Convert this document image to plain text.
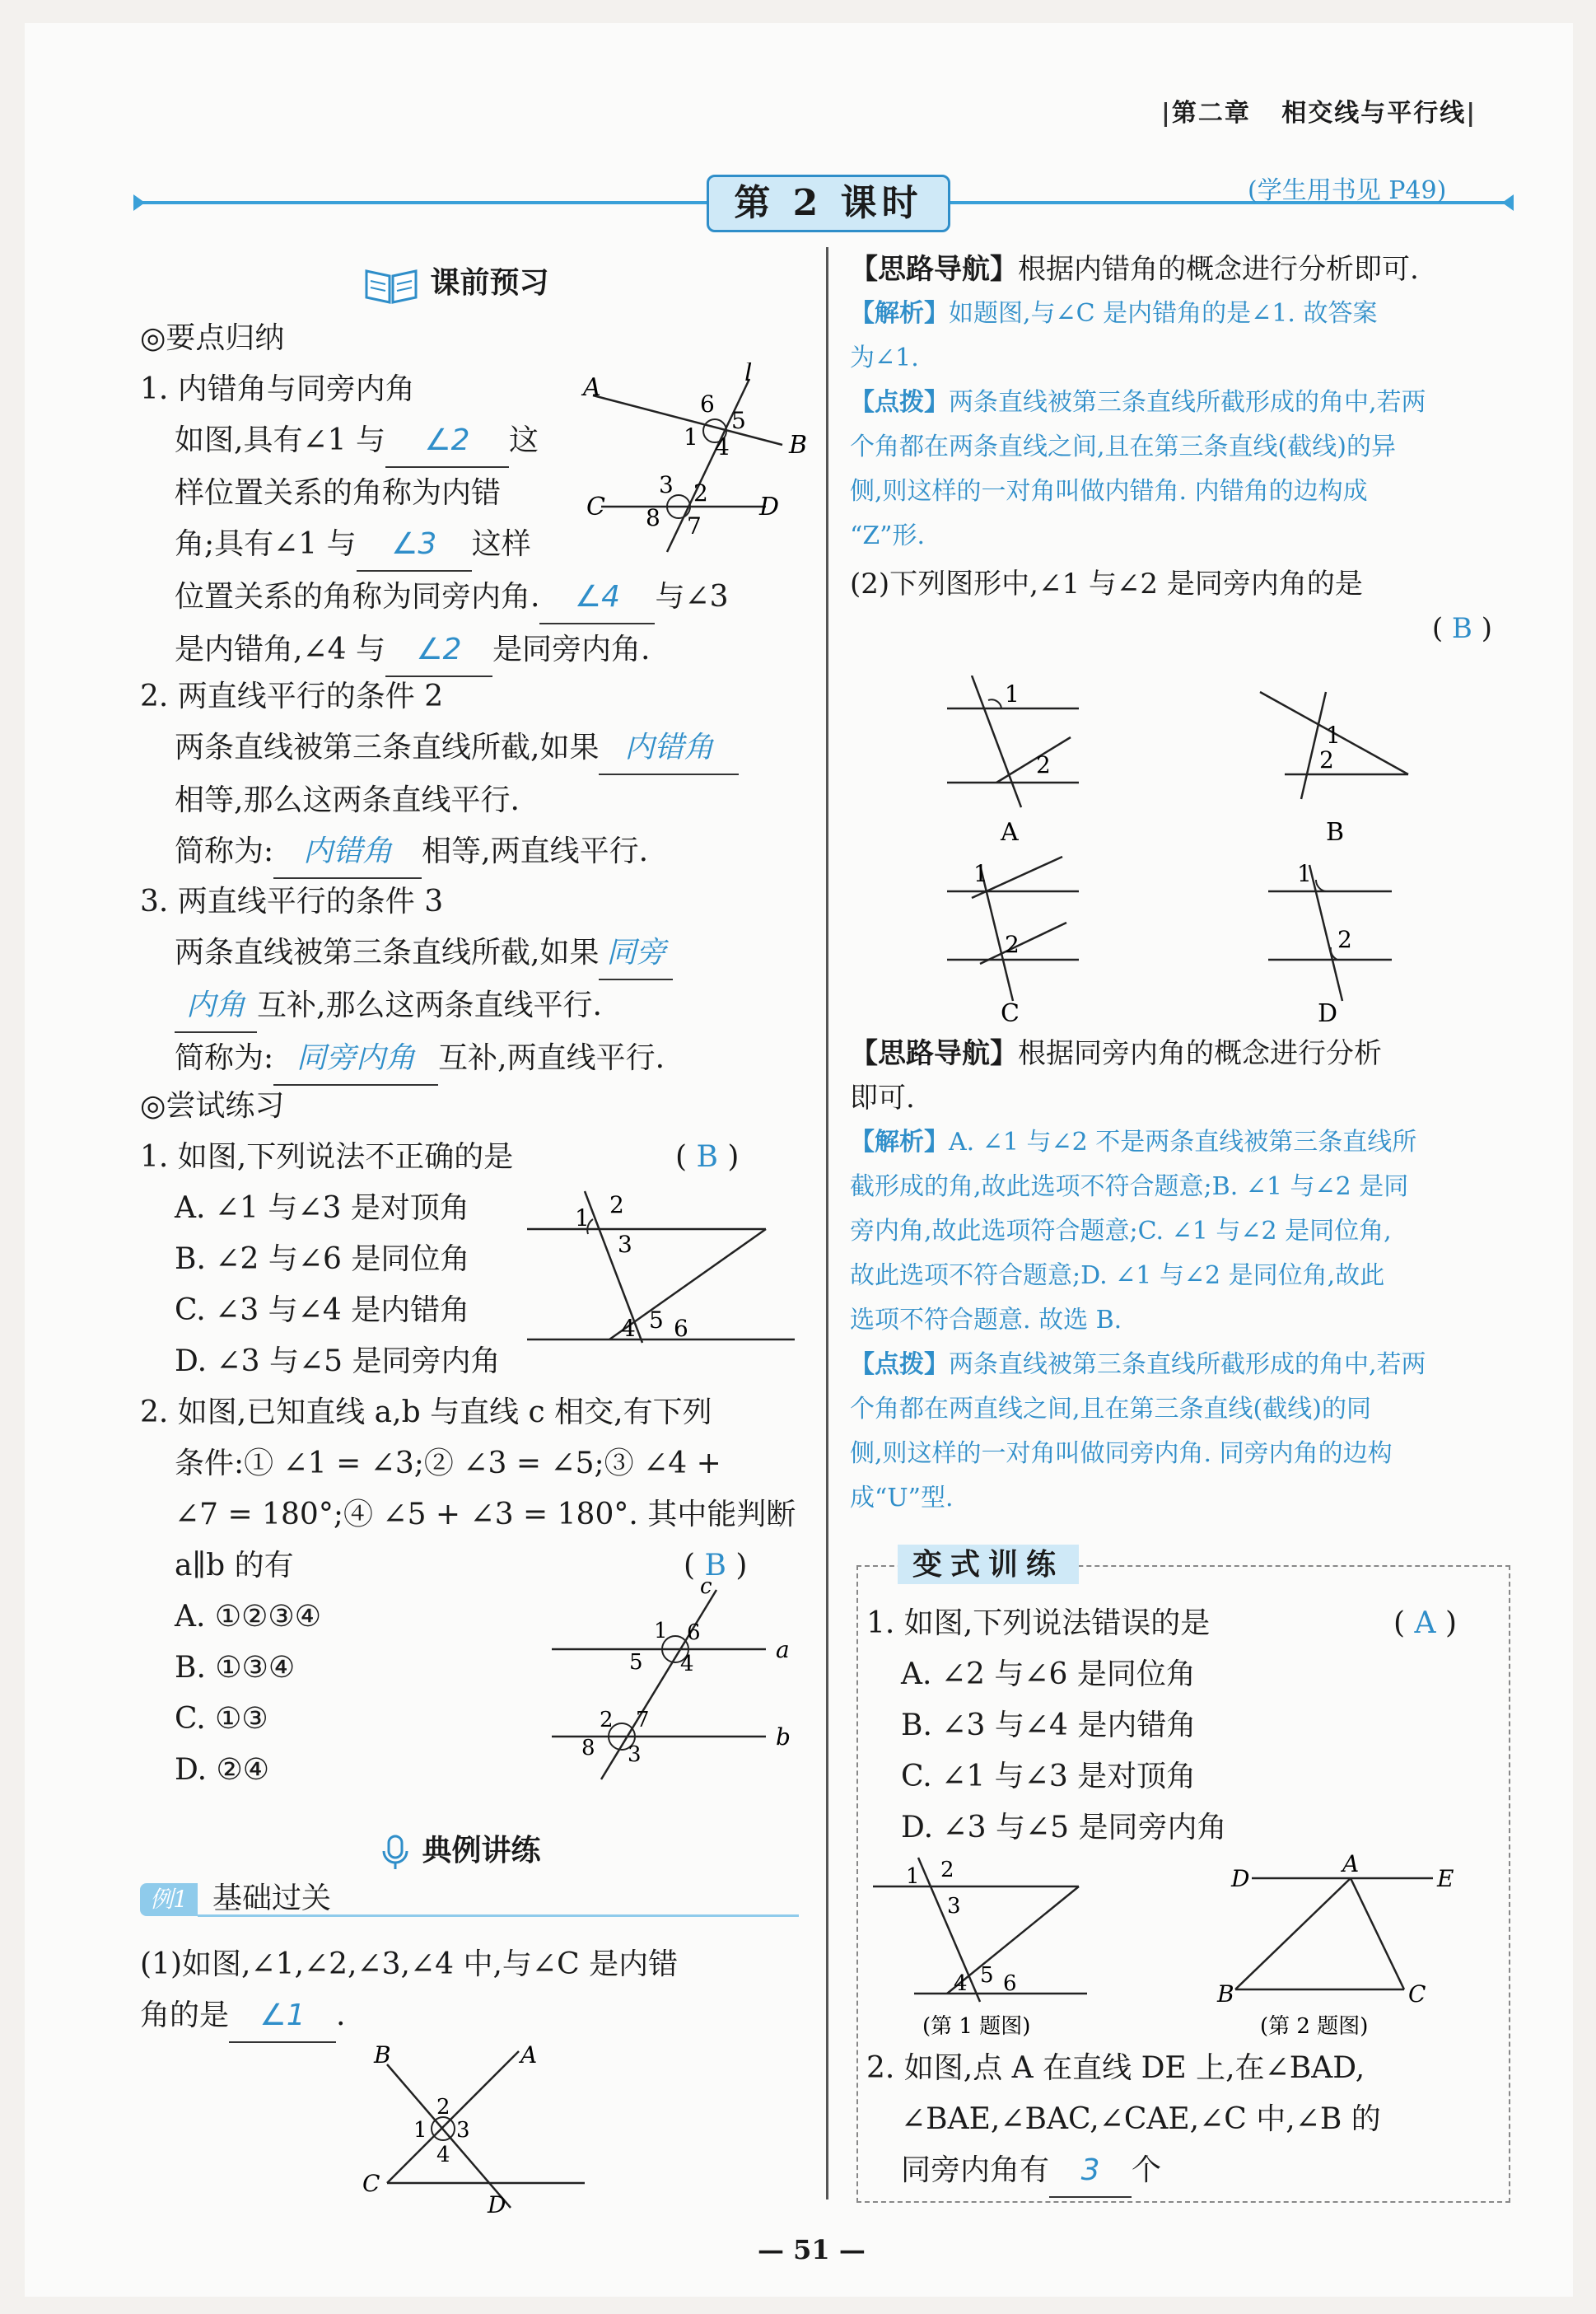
|第二章 相交线与平行线|
第 2 课时	(学生用书见 P49)
课前预习
◎要点归纳
1. 内错角与同旁内角
如图,具有∠1 与 ∠2 这
样位置关系的角称为内错
角;具有∠1 与 ∠3 这样
位置关系的角称为同旁内角. ∠4 与∠3
是内错角,∠4 与 ∠2 是同旁内角.
A
B
C	D
l
6
5
1 4
3 2
8 7
2. 两直线平行的条件 2
两条直线被第三条直线所截,如果 内错角
相等,那么这两条直线平行.
简称为: 内错角 相等,两直线平行.
3. 两直线平行的条件 3
两条直线被第三条直线所截,如果 同旁
内角 互补,那么这两条直线平行.
简称为: 同旁内角 互补,两直线平行.
◎尝试练习
1. 如图,下列说法不正确的是	( B )
A. ∠1 与∠3 是对顶角
B. ∠2 与∠6 是同位角
C. ∠3 与∠4 是内错角
D. ∠3 与∠5 是同旁内角
1 2
3
4 5 6
2. 如图,已知直线 a,b 与直线 c 相交,有下列
条件:① ∠1 = ∠3;② ∠3 = ∠5;③ ∠4 +
∠7 = 180°;④ ∠5 + ∠3 = 180°. 其中能判断
a∥b 的有	( B )
A. ①②③④
B. ①③④
C. ①③
D. ②④
a
b
c
1 6
5 4
2 7
8 3
典例讲练
例1 基础过关
(1)如图,∠1,∠2,∠3,∠4 中,与∠C 是内错
角的是 ∠1 .
B	A
C
D
2
1 3
4
【思路导航】根据内错角的概念进行分析即可.
【解析】如题图,与∠C 是内错角的是∠1. 故答案
为∠1.
【点拨】两条直线被第三条直线所截形成的角中,若两
个角都在两条直线之间,且在第三条直线(截线)的异
侧,则这样的一对角叫做内错角. 内错角的边构成
“Z”形.
(2)下列图形中,∠1 与∠2 是同旁内角的是
( B )
1
2
A
1
2
B
1
2
C
1
2
D
【思路导航】根据同旁内角的概念进行分析
即可.
【解析】A. ∠1 与∠2 不是两条直线被第三条直线所
截形成的角,故此选项不符合题意;B. ∠1 与∠2 是同
旁内角,故此选项符合题意;C. ∠1 与∠2 是同位角,
故此选项不符合题意;D. ∠1 与∠2 是同位角,故此
选项不符合题意. 故选 B.
【点拨】两条直线被第三条直线所截形成的角中,若两
个角都在两直线之间,且在第三条直线(截线)的同
侧,则这样的一对角叫做同旁内角. 同旁内角的边构
成“U”型.
变式训练
1. 如图,下列说法错误的是	( A )
A. ∠2 与∠6 是同位角
B. ∠3 与∠4 是内错角
C. ∠1 与∠3 是对顶角
D. ∠3 与∠5 是同旁内角
1 2
3
4 5 6
(第 1 题图)
D
A
E
B	C
(第 2 题图)
2. 如图,点 A 在直线 DE 上,在∠BAD,
∠BAE,∠BAC,∠CAE,∠C 中,∠B 的
同旁内角有 3 个
— 51 —
